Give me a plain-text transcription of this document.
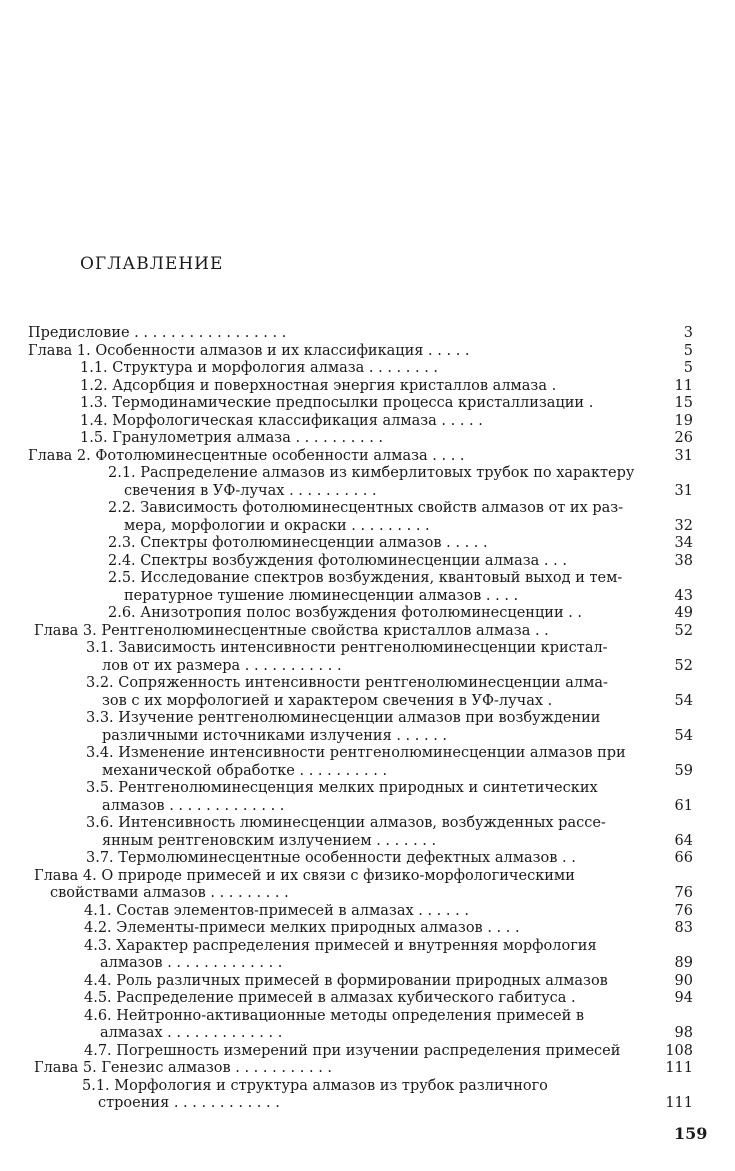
ОГЛАВЛЕНИЕ
Предисловие . . . . . . . . . . . . . . . . .	3
Глава 1. Особенности алмазов и их классификация . . . . .	5
1.1. Структура и морфология алмаза . . . . . . . .	5
1.2. Адсорбция и поверхностная энергия кристаллов алмаза .	11
1.3. Термодинамические предпосылки процесса кристаллизации .	15
1.4. Морфологическая классификация алмаза . . . . .	19
1.5. Гранулометрия алмаза . . . . . . . . . .	26
Глава 2. Фотолюминесцентные особенности алмаза . . . .	31
2.1. Распределение алмазов из кимберлитовых трубок по характеру
свечения в УФ-лучах . . . . . . . . . .	31
2.2. Зависимость фотолюминесцентных свойств алмазов от их раз-
мера, морфологии и окраски . . . . . . . . .	32
2.3. Спектры фотолюминесценции алмазов . . . . .	34
2.4. Спектры возбуждения фотолюминесценции алмаза . . .	38
2.5. Исследование спектров возбуждения, квантовый выход и тем-
пературное тушение люминесценции алмазов . . . .	43
2.6. Анизотропия полос возбуждения фотолюминесценции . .	49
Глава 3. Рентгенолюминесцентные свойства кристаллов алмаза . .	52
3.1. Зависимость интенсивности рентгенолюминесценции кристал-
лов от их размера . . . . . . . . . . .	52
3.2. Сопряженность интенсивности рентгенолюминесценции алма-
зов с их морфологией и характером свечения в УФ-лучах .	54
3.3. Изучение рентгенолюминесценции алмазов при возбуждении
различными источниками излучения . . . . . .	54
3.4. Изменение интенсивности рентгенолюминесценции алмазов при
механической обработке . . . . . . . . . .	59
3.5. Рентгенолюминесценция мелких природных и синтетических
алмазов . . . . . . . . . . . . .	61
3.6. Интенсивность люминесценции алмазов, возбужденных рассе-
янным рентгеновским излучением . . . . . . .	64
3.7. Термолюминесцентные особенности дефектных алмазов . .	66
Глава 4. О природе примесей и их связи с физико-морфологическими
свойствами алмазов . . . . . . . . .	76
4.1. Состав элементов-примесей в алмазах . . . . . .	76
4.2. Элементы-примеси мелких природных алмазов . . . .	83
4.3. Характер распределения примесей и внутренняя морфология
алмазов . . . . . . . . . . . . .	89
4.4. Роль различных примесей в формировании природных алмазов	90
4.5. Распределение примесей в алмазах кубического габитуса .	94
4.6. Нейтронно-активационные методы определения примесей в
алмазах . . . . . . . . . . . . .	98
4.7. Погрешность измерений при изучении распределения примесей	108
Глава 5. Генезис алмазов . . . . . . . . . . .	111
5.1. Морфология и структура алмазов из трубок различного
строения . . . . . . . . . . . .	111
159
